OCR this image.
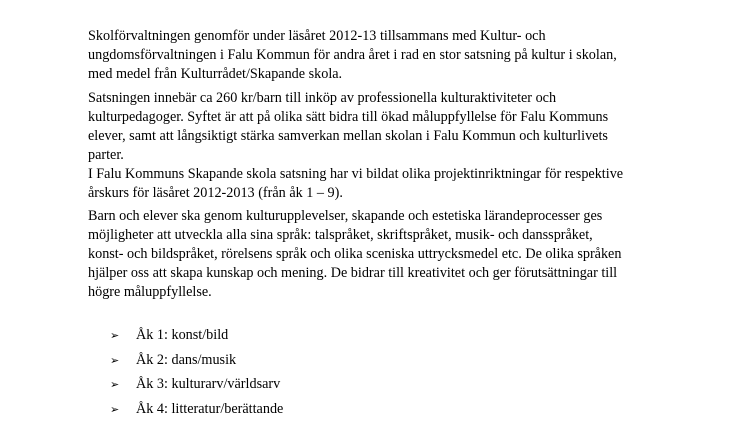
Skolförvaltningen genomför under läsåret 2012-13 tillsammans med Kultur- och

ungdomsförvaltningen i Falu Kommun för andra året i rad en stor satsning på kultur i skolan,

med medel från Kulturrådet/Skapande skola.

Satsningen innebär ca 260 kr/barn till inköp av professionella kulturaktiviteter och

kulturpedagoger. Syftet är att på olika sätt bidra till ökad måluppfyllelse för Falu Kommuns

elever, samt att långsiktigt stärka samverkan mellan skolan i Falu Kommun och kulturlivets

parter.

I Falu Kommuns Skapande skola satsning har vi bildat olika projektinriktningar för respektive

årskurs för läsåret 2012-2013 (från åk 1 – 9).

Barn och elever ska genom kulturupplevelser, skapande och estetiska lärandeprocesser ges

möjligheter att utveckla alla sina språk: talspråket, skriftspråket, musik- och dansspråket,

konst- och bildspråket, rörelsens språk och olika sceniska uttrycksmedel etc. De olika språken

hjälper oss att skapa kunskap och mening. De bidrar till kreativitet och ger förutsättningar till

högre måluppfyllelse.

➢	Åk 1: konst/bild
➢	Åk 2: dans/musik
➢	Åk 3: kulturarv/världsarv
➢	Åk 4: litteratur/berättande
